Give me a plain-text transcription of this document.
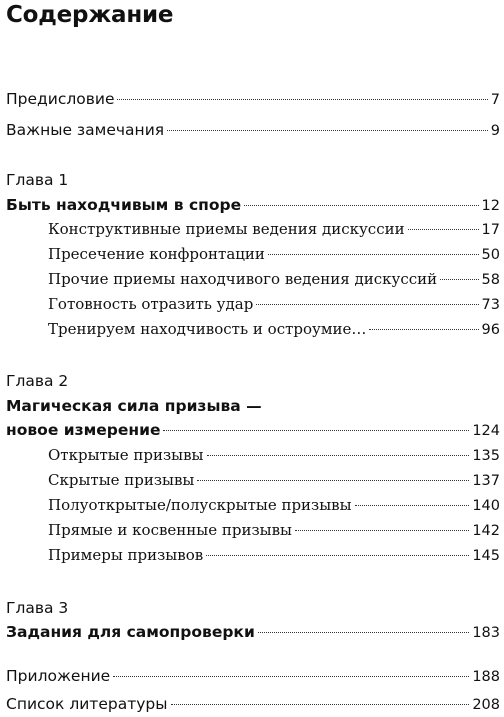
Содержание
Предисловие	7
Важные замечания	9
Глава 1
Быть находчивым в споре	12
Конструктивные приемы ведения дискуссии	17
Пресечение конфронтации	50
Прочие приемы находчивого ведения дискуссий	58
Готовность отразить удар	73
Тренируем находчивость и остроумие…	96
Глава 2
Магическая сила призыва —
новое измерение	124
Открытые призывы	135
Скрытые призывы	137
Полуоткрытые/полускрытые призывы	140
Прямые и косвенные призывы	142
Примеры призывов	145
Глава 3
Задания для самопроверки	183
Приложение	188
Список литературы	208
